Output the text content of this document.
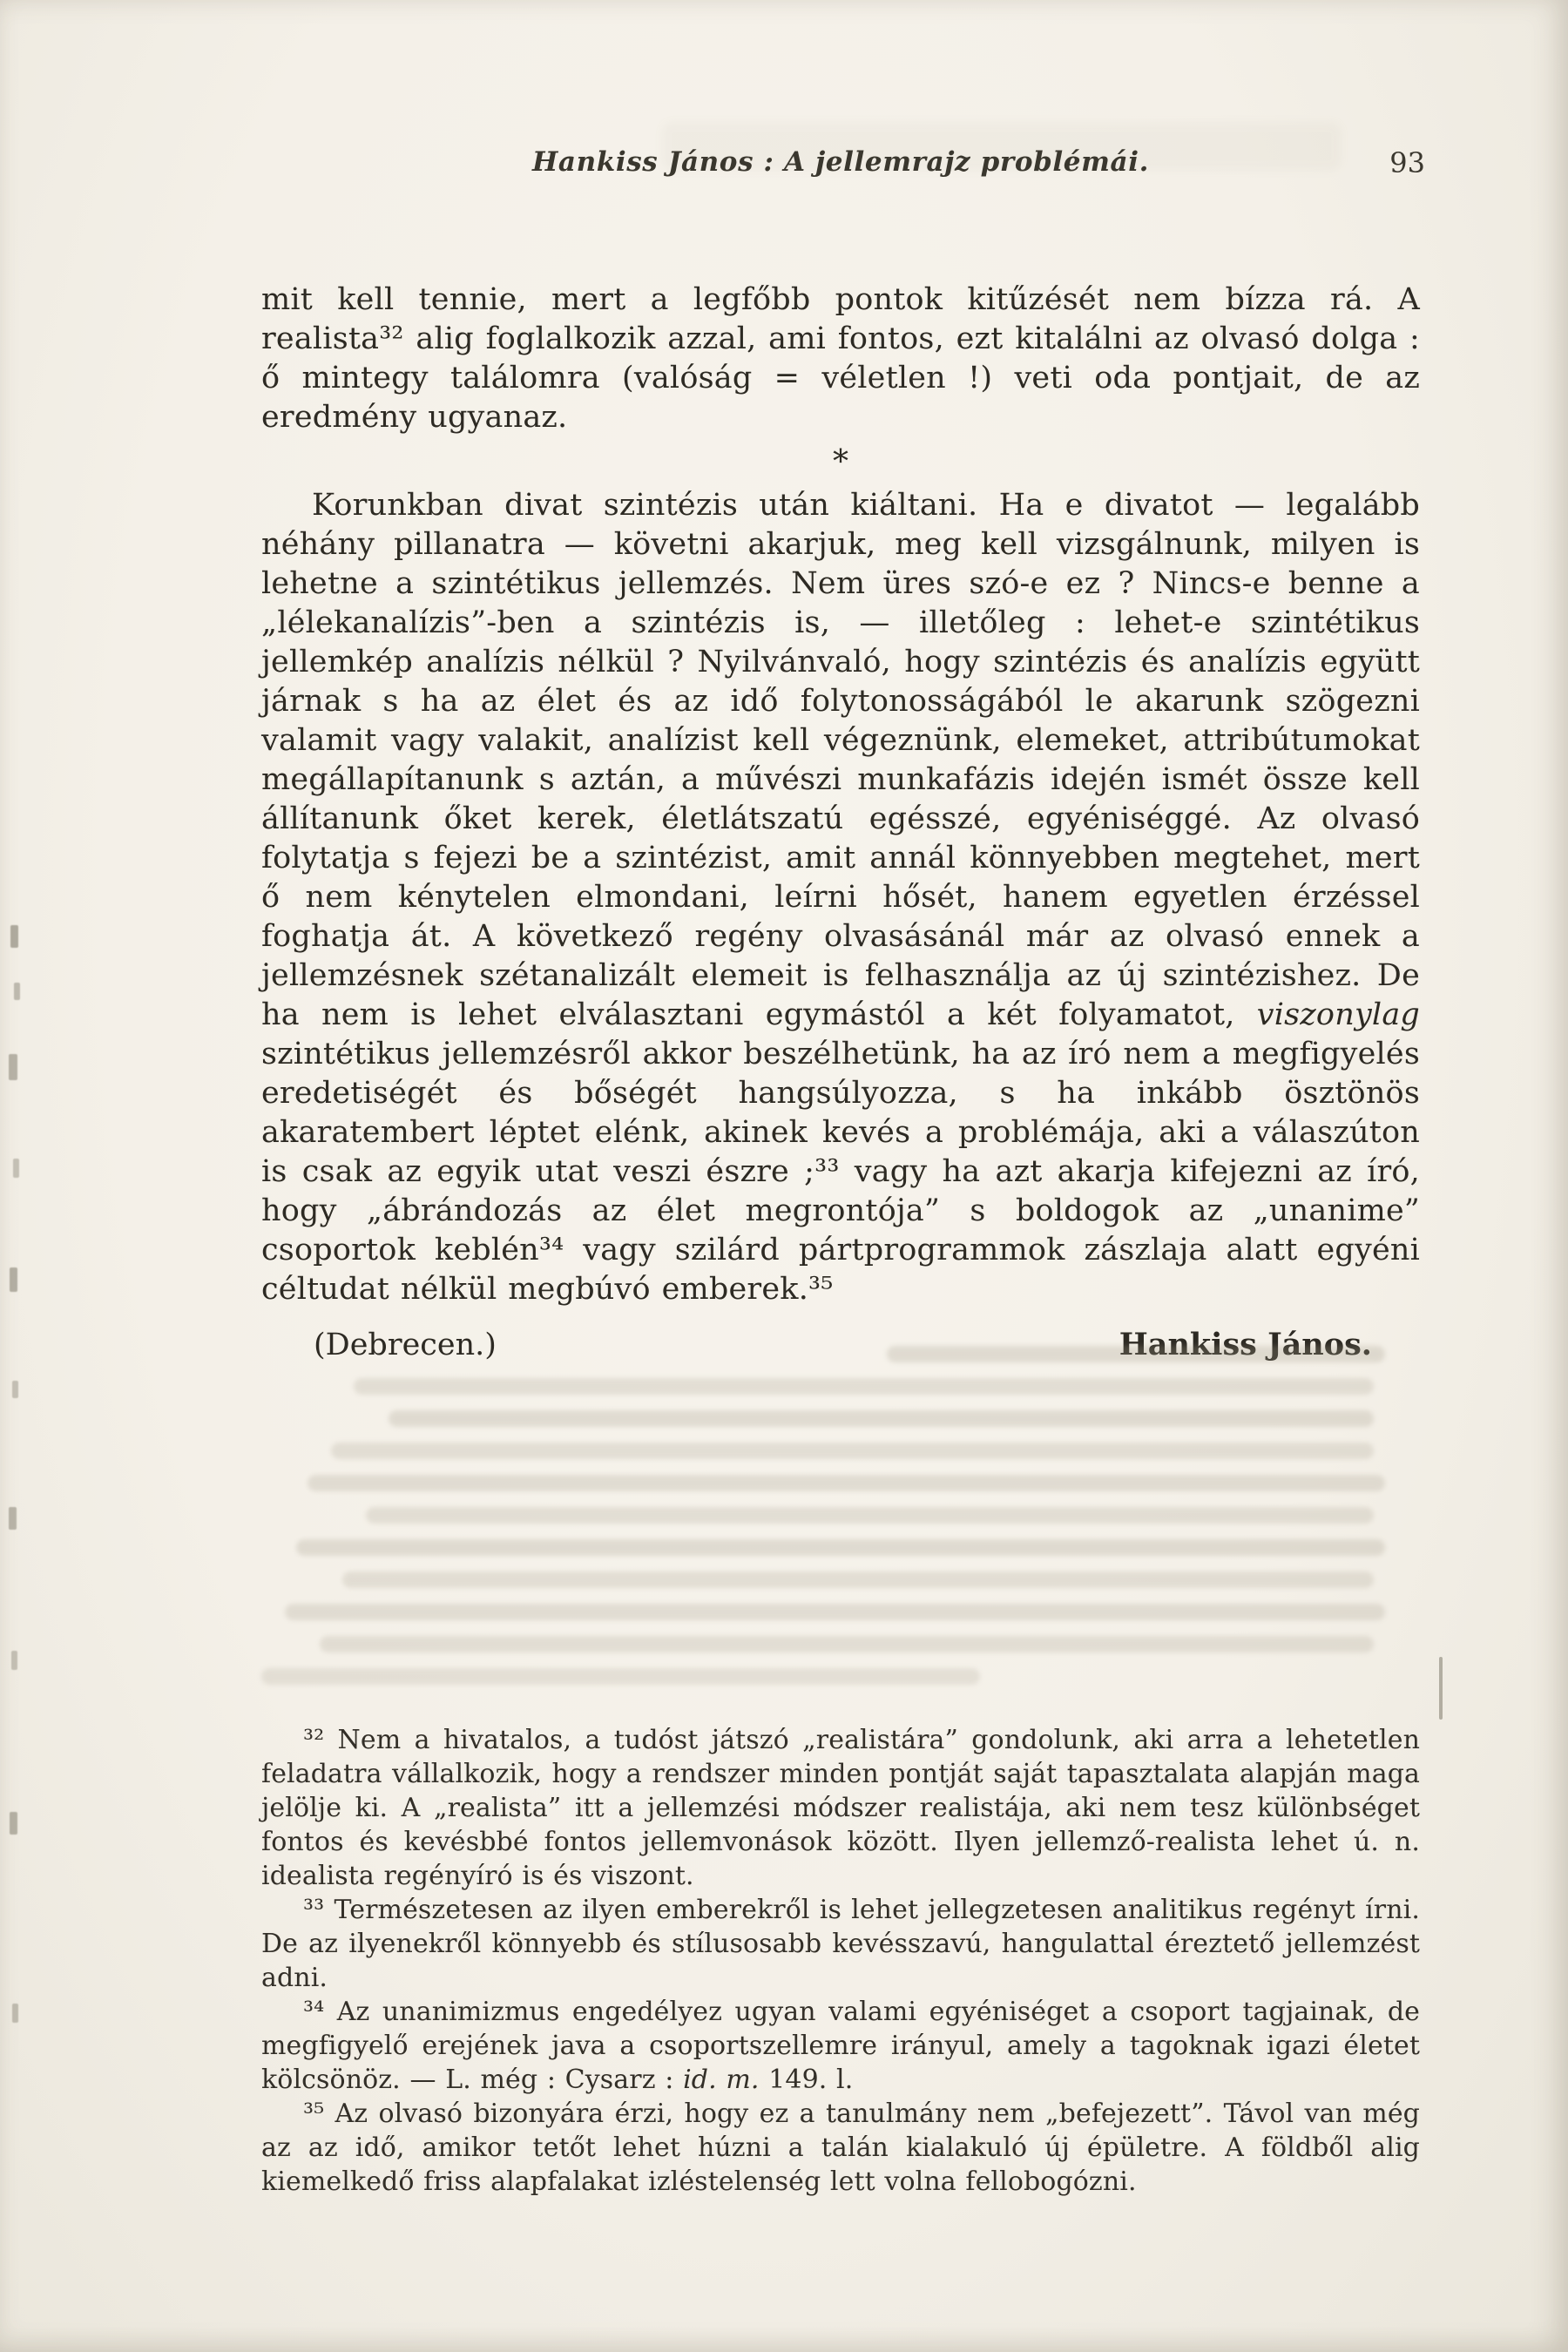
Hankiss János : A jellemrajz problémái.	93

mit kell tennie, mert a legfőbb pontok kitűzését nem bízza rá. A realista³² alig foglalkozik azzal, ami fontos, ezt kitalálni az olvasó dolga : ő mintegy találomra (valóság = véletlen !) veti oda pontjait, de az eredmény ugyanaz.

*

Korunkban divat szintézis után kiáltani. Ha e divatot — legalább néhány pillanatra — követni akarjuk, meg kell vizsgálnunk, milyen is lehetne a szintétikus jellemzés. Nem üres szó-e ez ? Nincs-e benne a „lélekanalízis”-ben a szintézis is, — illetőleg : lehet-e szintétikus jellemkép analízis nélkül ? Nyilvánvaló, hogy szintézis és analízis együtt járnak s ha az élet és az idő folytonosságából le akarunk szögezni valamit vagy valakit, analízist kell végeznünk, elemeket, attribútumokat megállapítanunk s aztán, a művészi munkafázis idején ismét össze kell állítanunk őket kerek, életlátszatú egésszé, egyéniséggé. Az olvasó folytatja s fejezi be a szintézist, amit annál könnyebben megtehet, mert ő nem kénytelen elmondani, leírni hősét, hanem egyetlen érzéssel foghatja át. A következő regény olvasásánál már az olvasó ennek a jellemzésnek szétanalizált elemeit is felhasználja az új szintézishez. De ha nem is lehet elválasztani egymástól a két folyamatot, viszonylag szintétikus jellemzésről akkor beszélhetünk, ha az író nem a megfigyelés eredetiségét és bőségét hangsúlyozza, s ha inkább ösztönös akaratembert léptet elénk, akinek kevés a problémája, aki a válaszúton is csak az egyik utat veszi észre ;³³ vagy ha azt akarja kifejezni az író, hogy „ábrándozás az élet megrontója” s boldogok az „unanime” csoportok keblén³⁴ vagy szilárd pártprogrammok zászlaja alatt egyéni céltudat nélkül megbúvó emberek.³⁵

(Debrecen.)	Hankiss János.

³² Nem a hivatalos, a tudóst játszó „realistára” gondolunk, aki arra a lehetetlen feladatra vállalkozik, hogy a rendszer minden pontját saját tapasztalata alapján maga jelölje ki. A „realista” itt a jellemzési módszer realistája, aki nem tesz különbséget fontos és kevésbbé fontos jellemvonások között. Ilyen jellemző-realista lehet ú. n. idealista regényíró is és viszont.

³³ Természetesen az ilyen emberekről is lehet jellegzetesen analitikus regényt írni. De az ilyenekről könnyebb és stílusosabb kevésszavú, hangulattal éreztető jellemzést adni.

³⁴ Az unanimizmus engedélyez ugyan valami egyéniséget a csoport tagjainak, de megfigyelő erejének java a csoportszellemre irányul, amely a tagoknak igazi életet kölcsönöz. — L. még : Cysarz : id. m. 149. l.

³⁵ Az olvasó bizonyára érzi, hogy ez a tanulmány nem „befejezett”. Távol van még az az idő, amikor tetőt lehet húzni a talán kialakuló új épületre. A földből alig kiemelkedő friss alapfalakat izléstelenség lett volna fellobogózni.
